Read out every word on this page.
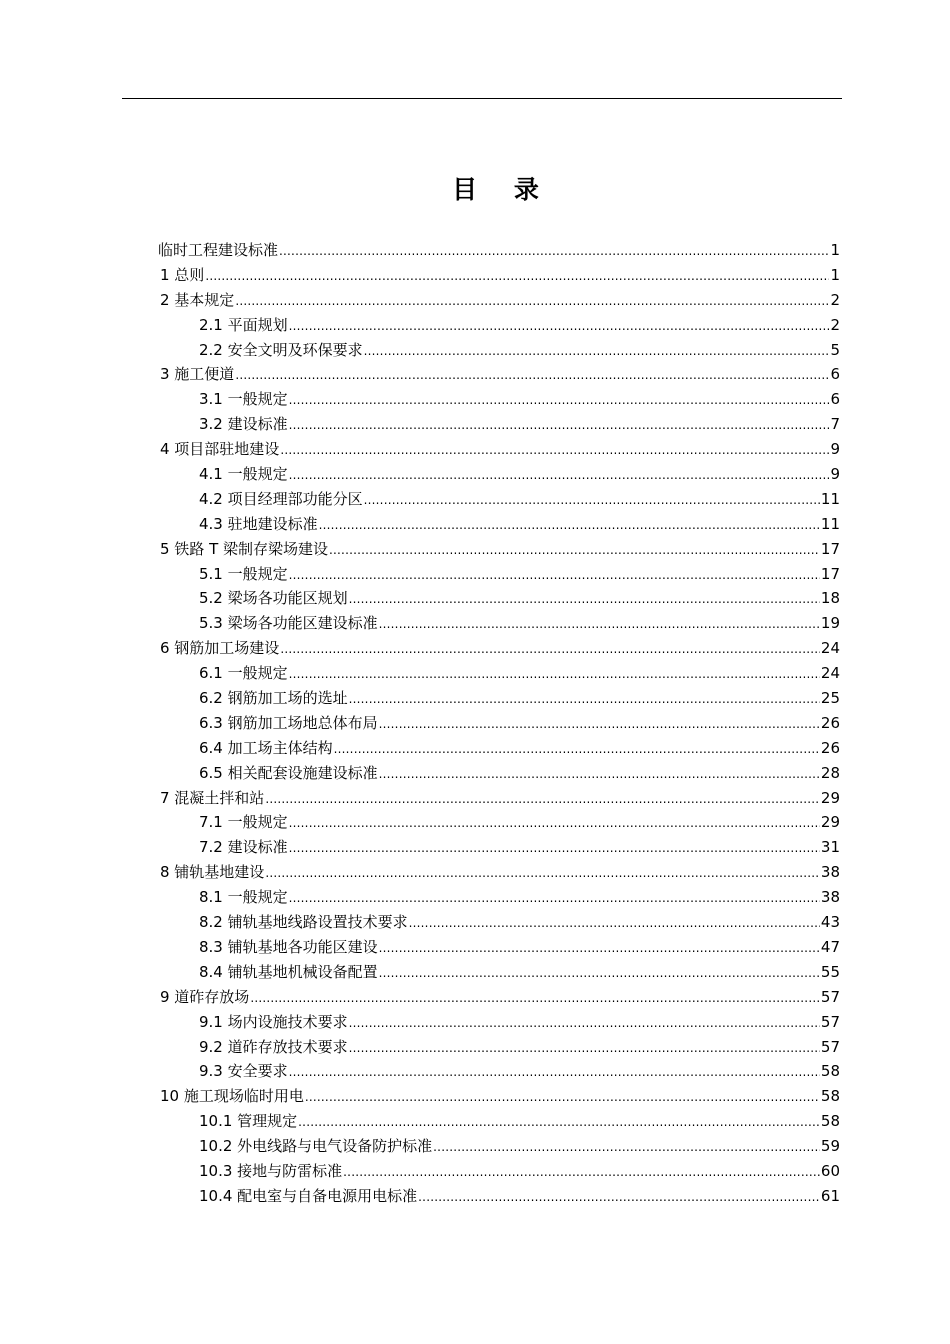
目 录
临时工程建设标准 .....	1
1 总则 .....	1
2 基本规定 .....	2
2.1 平面规划 .....	2
2.2 安全文明及环保要求 .....	5
3 施工便道 .....	6
3.1 一般规定 .....	6
3.2 建设标准 .....	7
4 项目部驻地建设 .....	9
4.1 一般规定 .....	9
4.2 项目经理部功能分区 .....	11
4.3 驻地建设标准 .....	11
5 铁路 T 梁制存梁场建设 .....	17
5.1 一般规定 .....	17
5.2 梁场各功能区规划 .....	18
5.3 梁场各功能区建设标准 .....	19
6 钢筋加工场建设 .....	24
6.1 一般规定 .....	24
6.2 钢筋加工场的选址 .....	25
6.3 钢筋加工场地总体布局 .....	26
6.4 加工场主体结构 .....	26
6.5 相关配套设施建设标准 .....	28
7 混凝土拌和站 .....	29
7.1 一般规定 .....	29
7.2 建设标准 .....	31
8 铺轨基地建设 .....	38
8.1 一般规定 .....	38
8.2 铺轨基地线路设置技术要求 .....	43
8.3 铺轨基地各功能区建设 .....	47
8.4 铺轨基地机械设备配置 .....	55
9 道砟存放场 .....	57
9.1 场内设施技术要求 .....	57
9.2 道砟存放技术要求 .....	57
9.3 安全要求 .....	58
10 施工现场临时用电 .....	58
10.1 管理规定 .....	58
10.2 外电线路与电气设备防护标准 .....	59
10.3 接地与防雷标准 .....	60
10.4 配电室与自备电源用电标准 .....	61
